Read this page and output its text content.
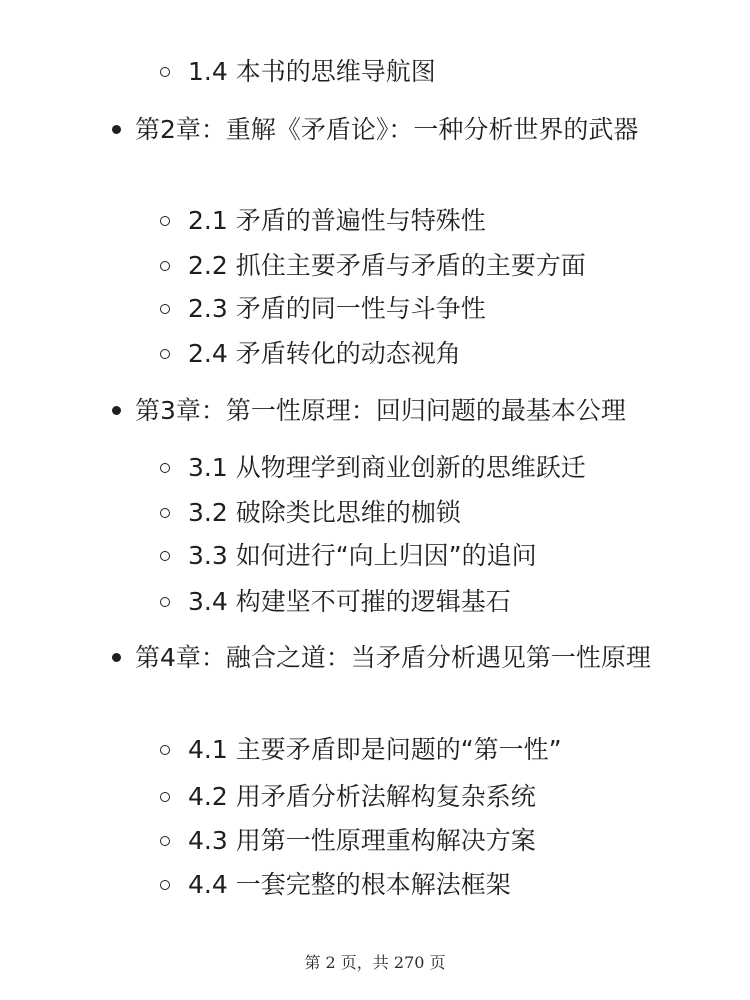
1.4 本书的思维导航图
第2章：重解《矛盾论》：一种分析世界的武器
2.1 矛盾的普遍性与特殊性
2.2 抓住主要矛盾与矛盾的主要方面
2.3 矛盾的同一性与斗争性
2.4 矛盾转化的动态视角
第3章：第一性原理：回归问题的最基本公理
3.1 从物理学到商业创新的思维跃迁
3.2 破除类比思维的枷锁
3.3 如何进行“向上归因”的追问
3.4 构建坚不可摧的逻辑基石
第4章：融合之道：当矛盾分析遇见第一性原理
4.1 主要矛盾即是问题的“第一性”
4.2 用矛盾分析法解构复杂系统
4.3 用第一性原理重构解决方案
4.4 一套完整的根本解法框架
第 2 页，共 270 页
